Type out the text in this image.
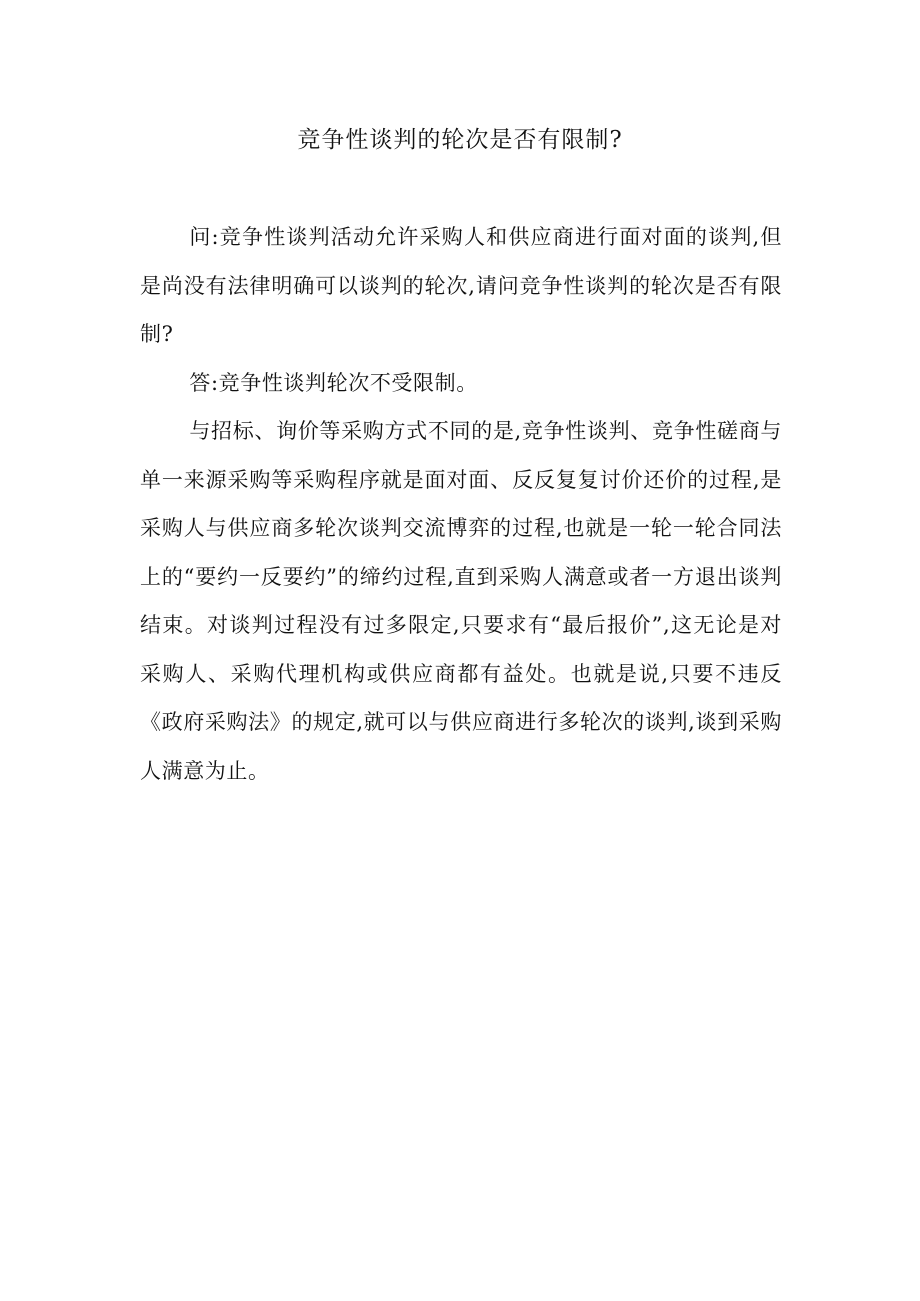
竞争性谈判的轮次是否有限制?

问:竞争性谈判活动允许采购人和供应商进行面对面的谈判,但是尚没有法律明确可以谈判的轮次,请问竞争性谈判的轮次是否有限制?

答:竞争性谈判轮次不受限制。

与招标、询价等采购方式不同的是,竞争性谈判、竞争性磋商与单一来源采购等采购程序就是面对面、反反复复讨价还价的过程,是采购人与供应商多轮次谈判交流博弈的过程,也就是一轮一轮合同法上的“要约一反要约”的缔约过程,直到采购人满意或者一方退出谈判结束。对谈判过程没有过多限定,只要求有“最后报价”,这无论是对采购人、采购代理机构或供应商都有益处。也就是说,只要不违反《政府采购法》的规定,就可以与供应商进行多轮次的谈判,谈到采购人满意为止。
